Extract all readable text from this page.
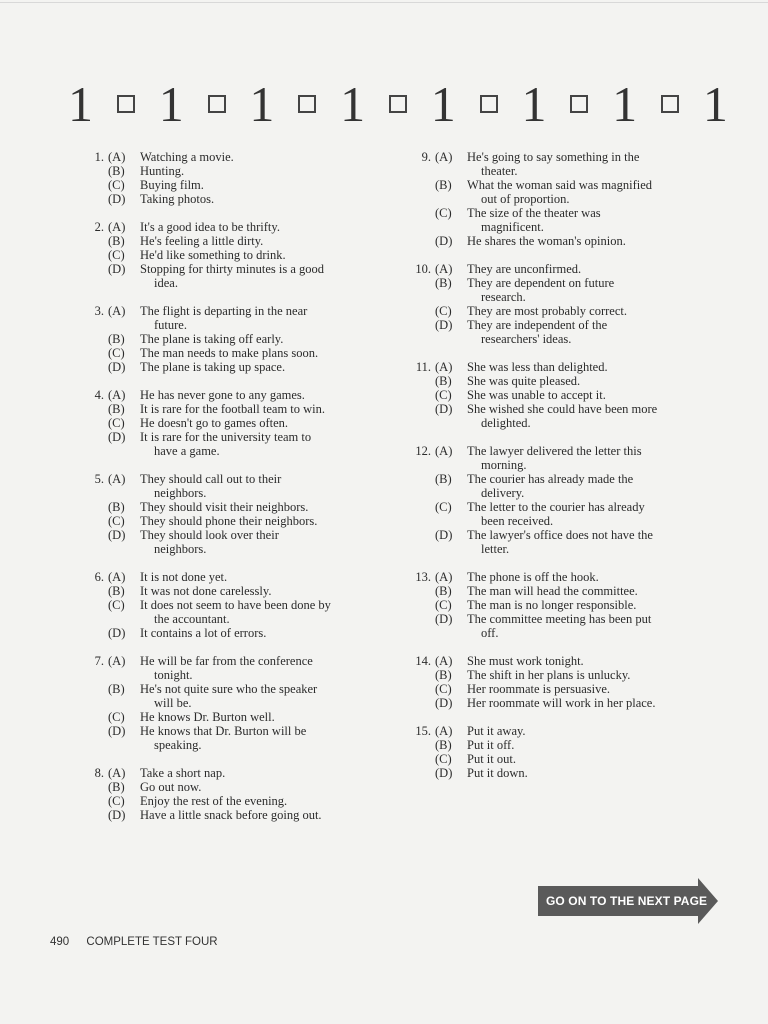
1 1 1 1 1 1 1 1
1. (A)	Watching a movie.
(B)	Hunting.
(C)	Buying film.
(D)	Taking photos.
2. (A)	It's a good idea to be thrifty.
(B)	He's feeling a little dirty.
(C)	He'd like something to drink.
(D)	Stopping for thirty minutes is a good
idea.
3. (A)	The flight is departing in the near
future.
(B)	The plane is taking off early.
(C)	The man needs to make plans soon.
(D)	The plane is taking up space.
4. (A)	He has never gone to any games.
(B)	It is rare for the football team to win.
(C)	He doesn't go to games often.
(D)	It is rare for the university team to
have a game.
5. (A)	They should call out to their
neighbors.
(B)	They should visit their neighbors.
(C)	They should phone their neighbors.
(D)	They should look over their
neighbors.
6. (A)	It is not done yet.
(B)	It was not done carelessly.
(C)	It does not seem to have been done by
the accountant.
(D)	It contains a lot of errors.
7. (A)	He will be far from the conference
tonight.
(B)	He's not quite sure who the speaker
will be.
(C)	He knows Dr. Burton well.
(D)	He knows that Dr. Burton will be
speaking.
8. (A)	Take a short nap.
(B)	Go out now.
(C)	Enjoy the rest of the evening.
(D)	Have a little snack before going out.
9. (A)	He's going to say something in the
theater.
(B)	What the woman said was magnified
out of proportion.
(C)	The size of the theater was
magnificent.
(D)	He shares the woman's opinion.
10. (A)	They are unconfirmed.
(B)	They are dependent on future
research.
(C)	They are most probably correct.
(D)	They are independent of the
researchers' ideas.
11. (A)	She was less than delighted.
(B)	She was quite pleased.
(C)	She was unable to accept it.
(D)	She wished she could have been more
delighted.
12. (A)	The lawyer delivered the letter this
morning.
(B)	The courier has already made the
delivery.
(C)	The letter to the courier has already
been received.
(D)	The lawyer's office does not have the
letter.
13. (A)	The phone is off the hook.
(B)	The man will head the committee.
(C)	The man is no longer responsible.
(D)	The committee meeting has been put
off.
14. (A)	She must work tonight.
(B)	The shift in her plans is unlucky.
(C)	Her roommate is persuasive.
(D)	Her roommate will work in her place.
15. (A)	Put it away.
(B)	Put it off.
(C)	Put it out.
(D)	Put it down.
GO ON TO THE NEXT PAGE
490 COMPLETE TEST FOUR
